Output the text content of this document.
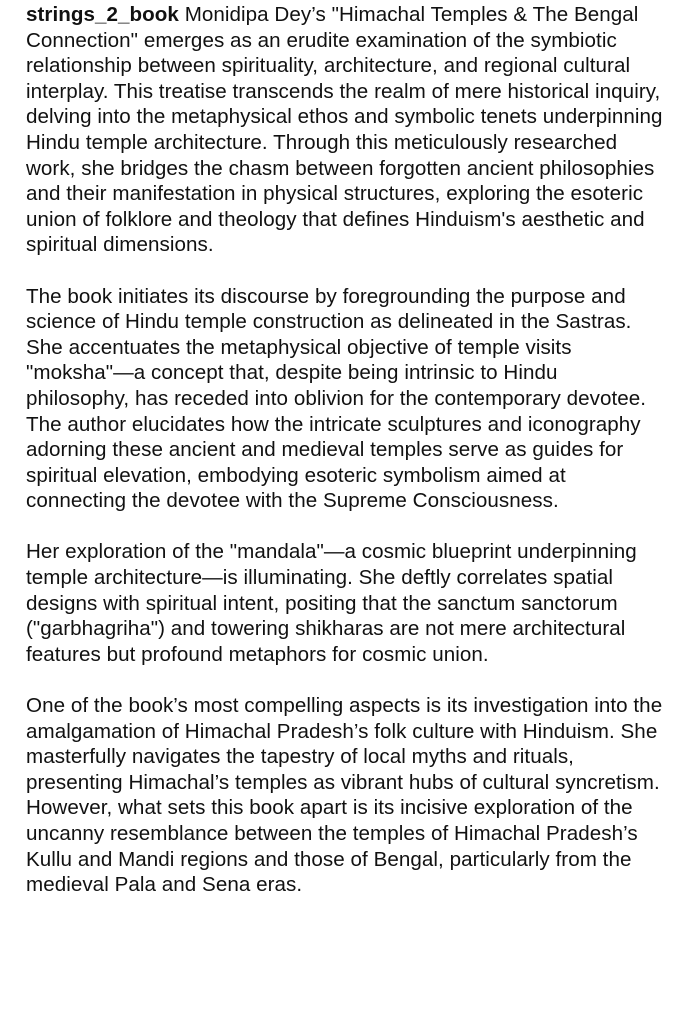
strings_2_book Monidipa Dey’s "Himachal Temples & The Bengal Connection" emerges as an erudite examination of the symbiotic relationship between spirituality, architecture, and regional cultural interplay. This treatise transcends the realm of mere historical inquiry, delving into the metaphysical ethos and symbolic tenets underpinning Hindu temple architecture. Through this meticulously researched work, she bridges the chasm between forgotten ancient philosophies and their manifestation in physical structures, exploring the esoteric union of folklore and theology that defines Hinduism's aesthetic and spiritual dimensions.

The book initiates its discourse by foregrounding the purpose and science of Hindu temple construction as delineated in the Sastras. She accentuates the metaphysical objective of temple visits "moksha"—a concept that, despite being intrinsic to Hindu philosophy, has receded into oblivion for the contemporary devotee. The author elucidates how the intricate sculptures and iconography adorning these ancient and medieval temples serve as guides for spiritual elevation, embodying esoteric symbolism aimed at connecting the devotee with the Supreme Consciousness.

Her exploration of the "mandala"—a cosmic blueprint underpinning temple architecture—is illuminating. She deftly correlates spatial designs with spiritual intent, positing that the sanctum sanctorum ("garbhagriha") and towering shikharas are not mere architectural features but profound metaphors for cosmic union.

One of the book’s most compelling aspects is its investigation into the amalgamation of Himachal Pradesh’s folk culture with Hinduism. She masterfully navigates the tapestry of local myths and rituals, presenting Himachal’s temples as vibrant hubs of cultural syncretism. However, what sets this book apart is its incisive exploration of the uncanny resemblance between the temples of Himachal Pradesh’s Kullu and Mandi regions and those of Bengal, particularly from the medieval Pala and Sena eras.
